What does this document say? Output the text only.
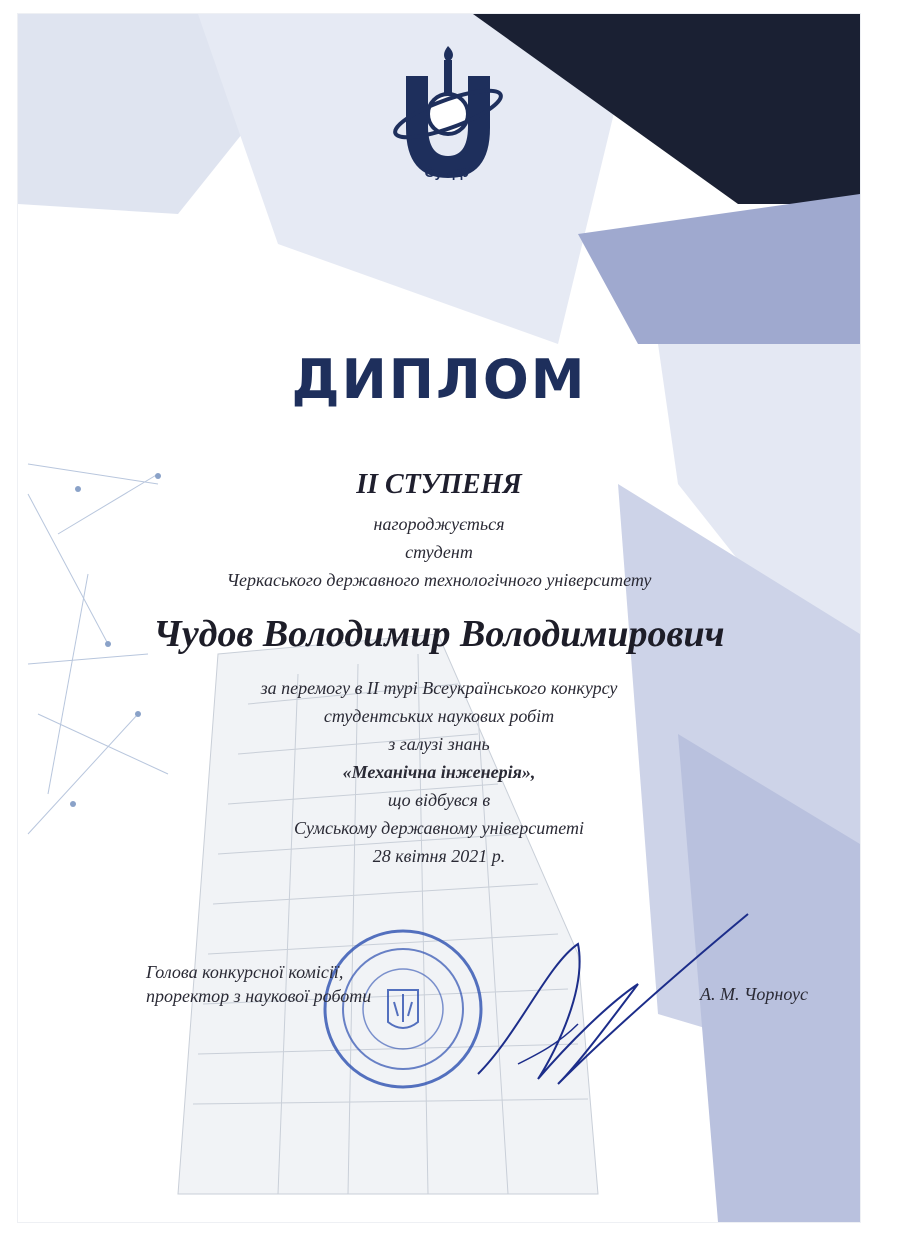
СумДУ
ДИПЛОМ
II СТУПЕНЯ
нагороджується
студент
Черкаського державного технологічного університету
Чудов Володимир Володимирович
за перемогу в II турі Всеукраїнського конкурсу
студентських наукових робіт
з галузі знань
«Механічна інженерія»,
що відбувся в
Сумському державному університеті
28 квітня 2021 р.
Голова конкурсної комісії,
проректор з наукової роботи	А. М. Чорноус
